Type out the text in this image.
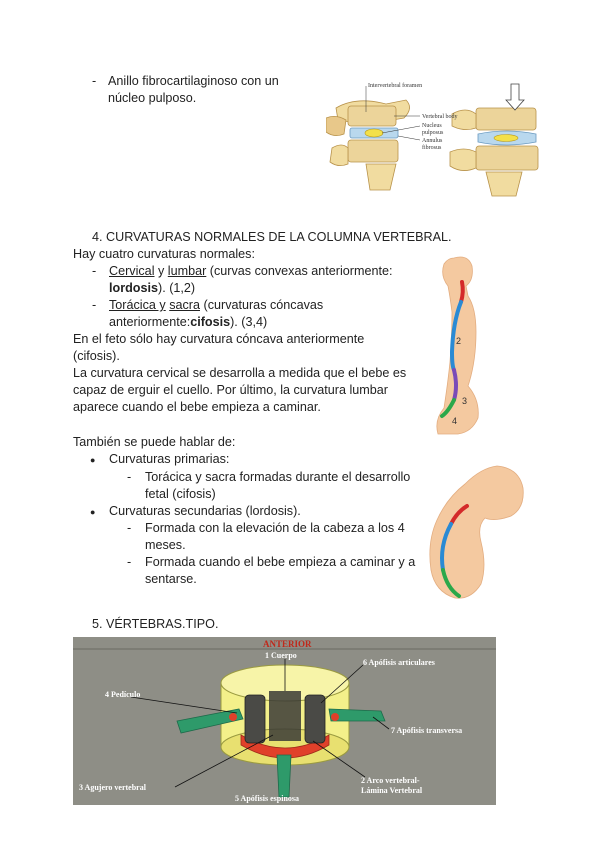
- Anillo fibrocartilaginoso con un
núcleo pulposo.
Intervertebral foramen
Vertebral body
Nucleus
pulposus
Annulus
fibrosus
4. CURVATURAS NORMALES DE LA COLUMNA VERTEBRAL.
Hay cuatro curvaturas normales:
- Cervical y lumbar (curvas convexas anteriormente:
lordosis). (1,2)
- Torácica y sacra (curvaturas cóncavas
anteriormente:cifosis). (3,4)
En el feto sólo hay curvatura cóncava anteriormente
(cifosis).
La curvatura cervical se desarrolla a medida que el bebe es
capaz de erguir el cuello. Por último, la curvatura lumbar
aparece cuando el bebe empieza a caminar.
También se puede hablar de:
● Curvaturas primarias:
- Torácica y sacra formadas durante el desarrollo
fetal (cifosis)
● Curvaturas secundarias (lordosis).
- Formada con la elevación de la cabeza a los 4
meses.
- Formada cuando el bebe empieza a caminar y a
sentarse.
2
3
4
5. VÉRTEBRAS.TIPO.
ANTERIOR
1 Cuerpo
6 Apófisis articulares
4 Pedículo
7 Apófisis transversa
3 Agujero vertebral
2 Arco vertebral-
Lámina Vertebral
5 Apófisis espinosa
